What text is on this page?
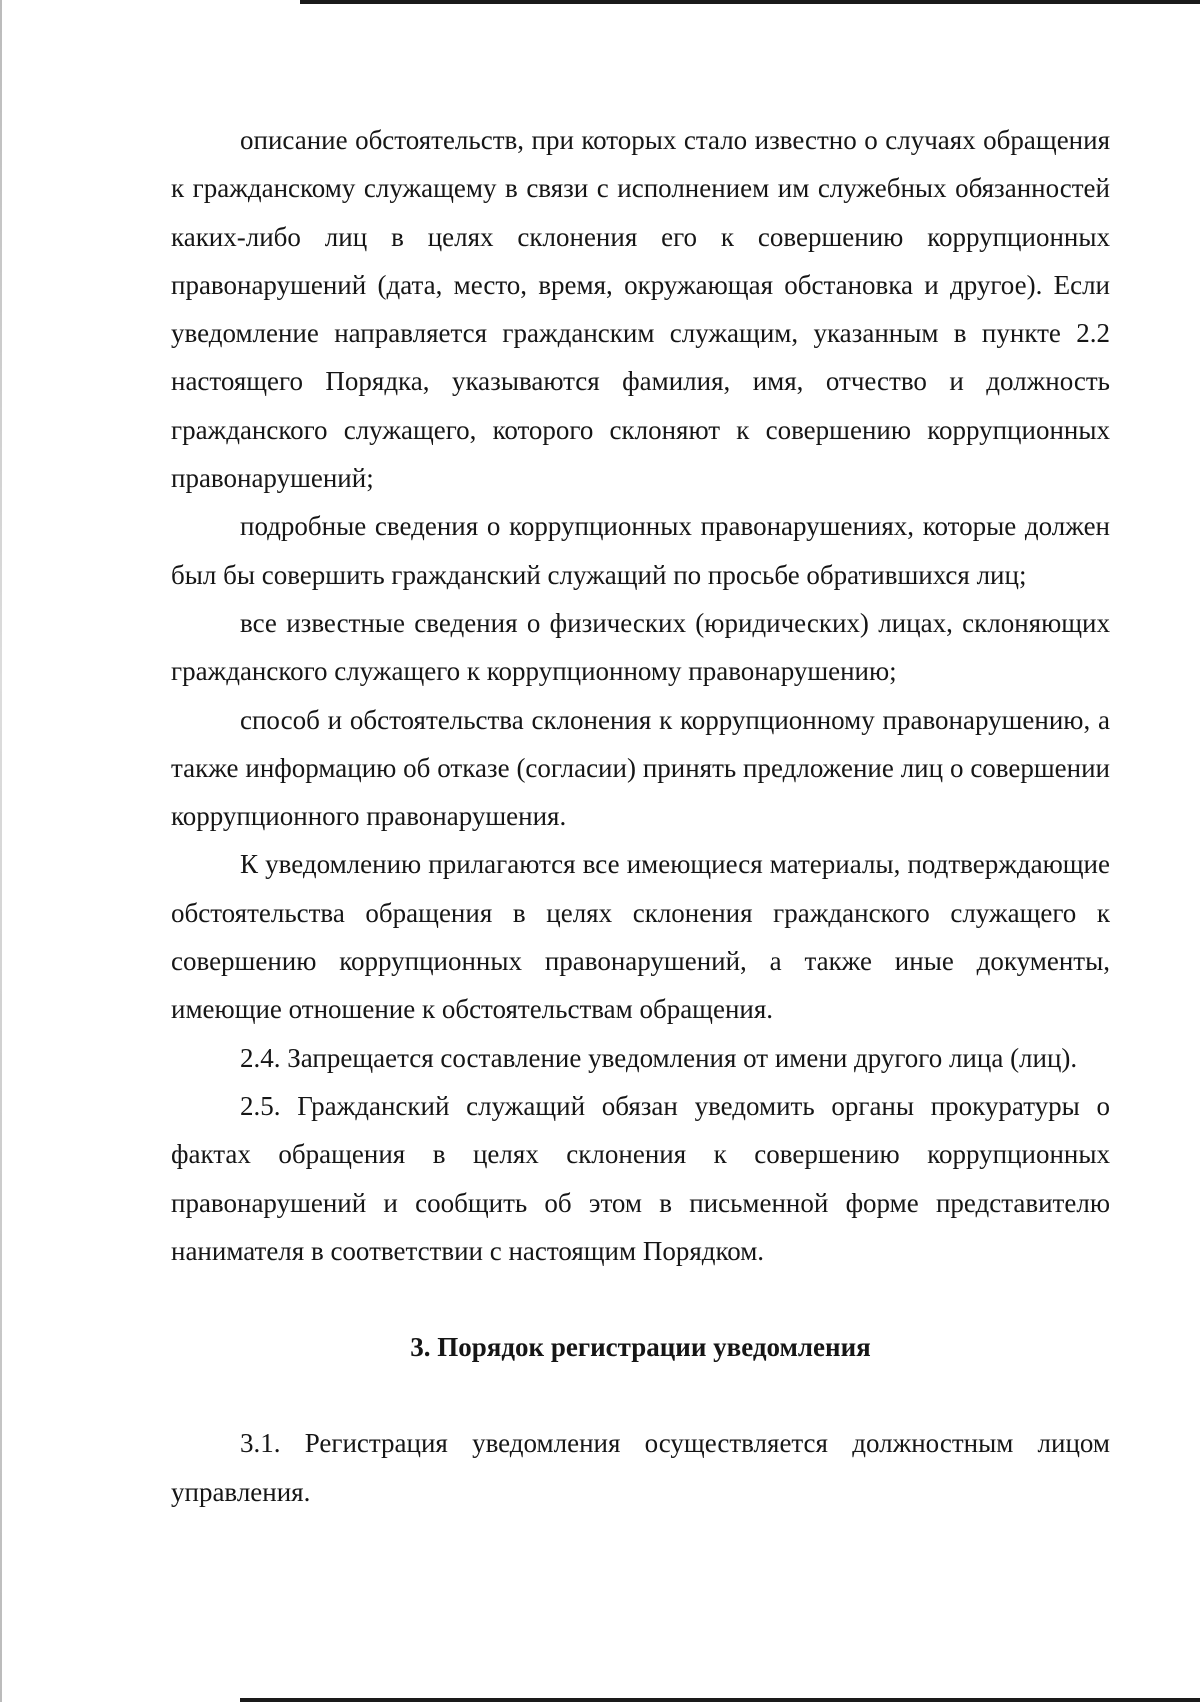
описание обстоятельств, при которых стало известно о случаях обращения к гражданскому служащему в связи с исполнением им служебных обязанностей каких-либо лиц в целях склонения его к совершению коррупционных правонарушений (дата, место, время, окружающая обстановка и другое). Если уведомление направляется гражданским служащим, указанным в пункте 2.2 настоящего Порядка, указываются фамилия, имя, отчество и должность гражданского служащего, которого склоняют к совершению коррупционных правонарушений;

подробные сведения о коррупционных правонарушениях, которые должен был бы совершить гражданский служащий по просьбе обратившихся лиц;

все известные сведения о физических (юридических) лицах, склоняющих гражданского служащего к коррупционному правонарушению;

способ и обстоятельства склонения к коррупционному правонарушению, а также информацию об отказе (согласии) принять предложение лиц о совершении коррупционного правонарушения.

К уведомлению прилагаются все имеющиеся материалы, подтверждающие обстоятельства обращения в целях склонения гражданского служащего к совершению коррупционных правонарушений, а также иные документы, имеющие отношение к обстоятельствам обращения.

2.4. Запрещается составление уведомления от имени другого лица (лиц).

2.5. Гражданский служащий обязан уведомить органы прокуратуры о фактах обращения в целях склонения к совершению коррупционных правонарушений и сообщить об этом в письменной форме представителю нанимателя в соответствии с настоящим Порядком.

3. Порядок регистрации уведомления

3.1. Регистрация уведомления осуществляется должностным лицом управления.
